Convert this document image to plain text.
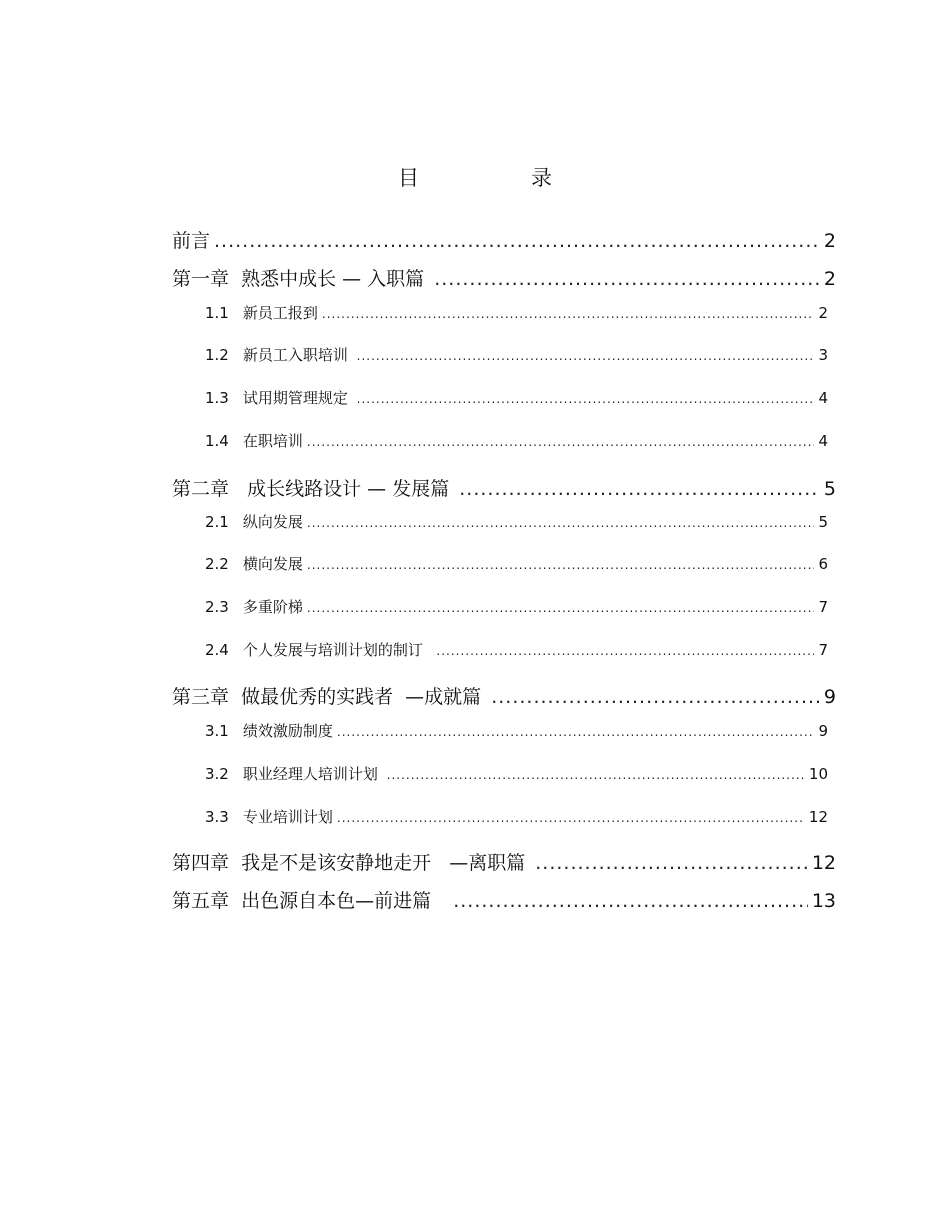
目	录
前言 .....	2
第一章  熟悉中成长 — 入职篇 .....	2
1.1 新员工报到 .....	2
1.2 新员工入职培训 .....	3
1.3 试用期管理规定 .....	4
1.4 在职培训 .....	4
第二章   成长线路设计 — 发展篇 .....	5
2.1 纵向发展 .....	5
2.2 横向发展 .....	6
2.3 多重阶梯 .....	7
2.4 个人发展与培训计划的制订 .....	7
第三章  做最优秀的实践者  —成就篇 .....	9
3.1 绩效激励制度 .....	9
3.2 职业经理人培训计划 .....	10
3.3 专业培训计划 .....	12
第四章  我是不是该安静地走开   —离职篇 .....	12
第五章  出色源自本色—前进篇 .....	13
